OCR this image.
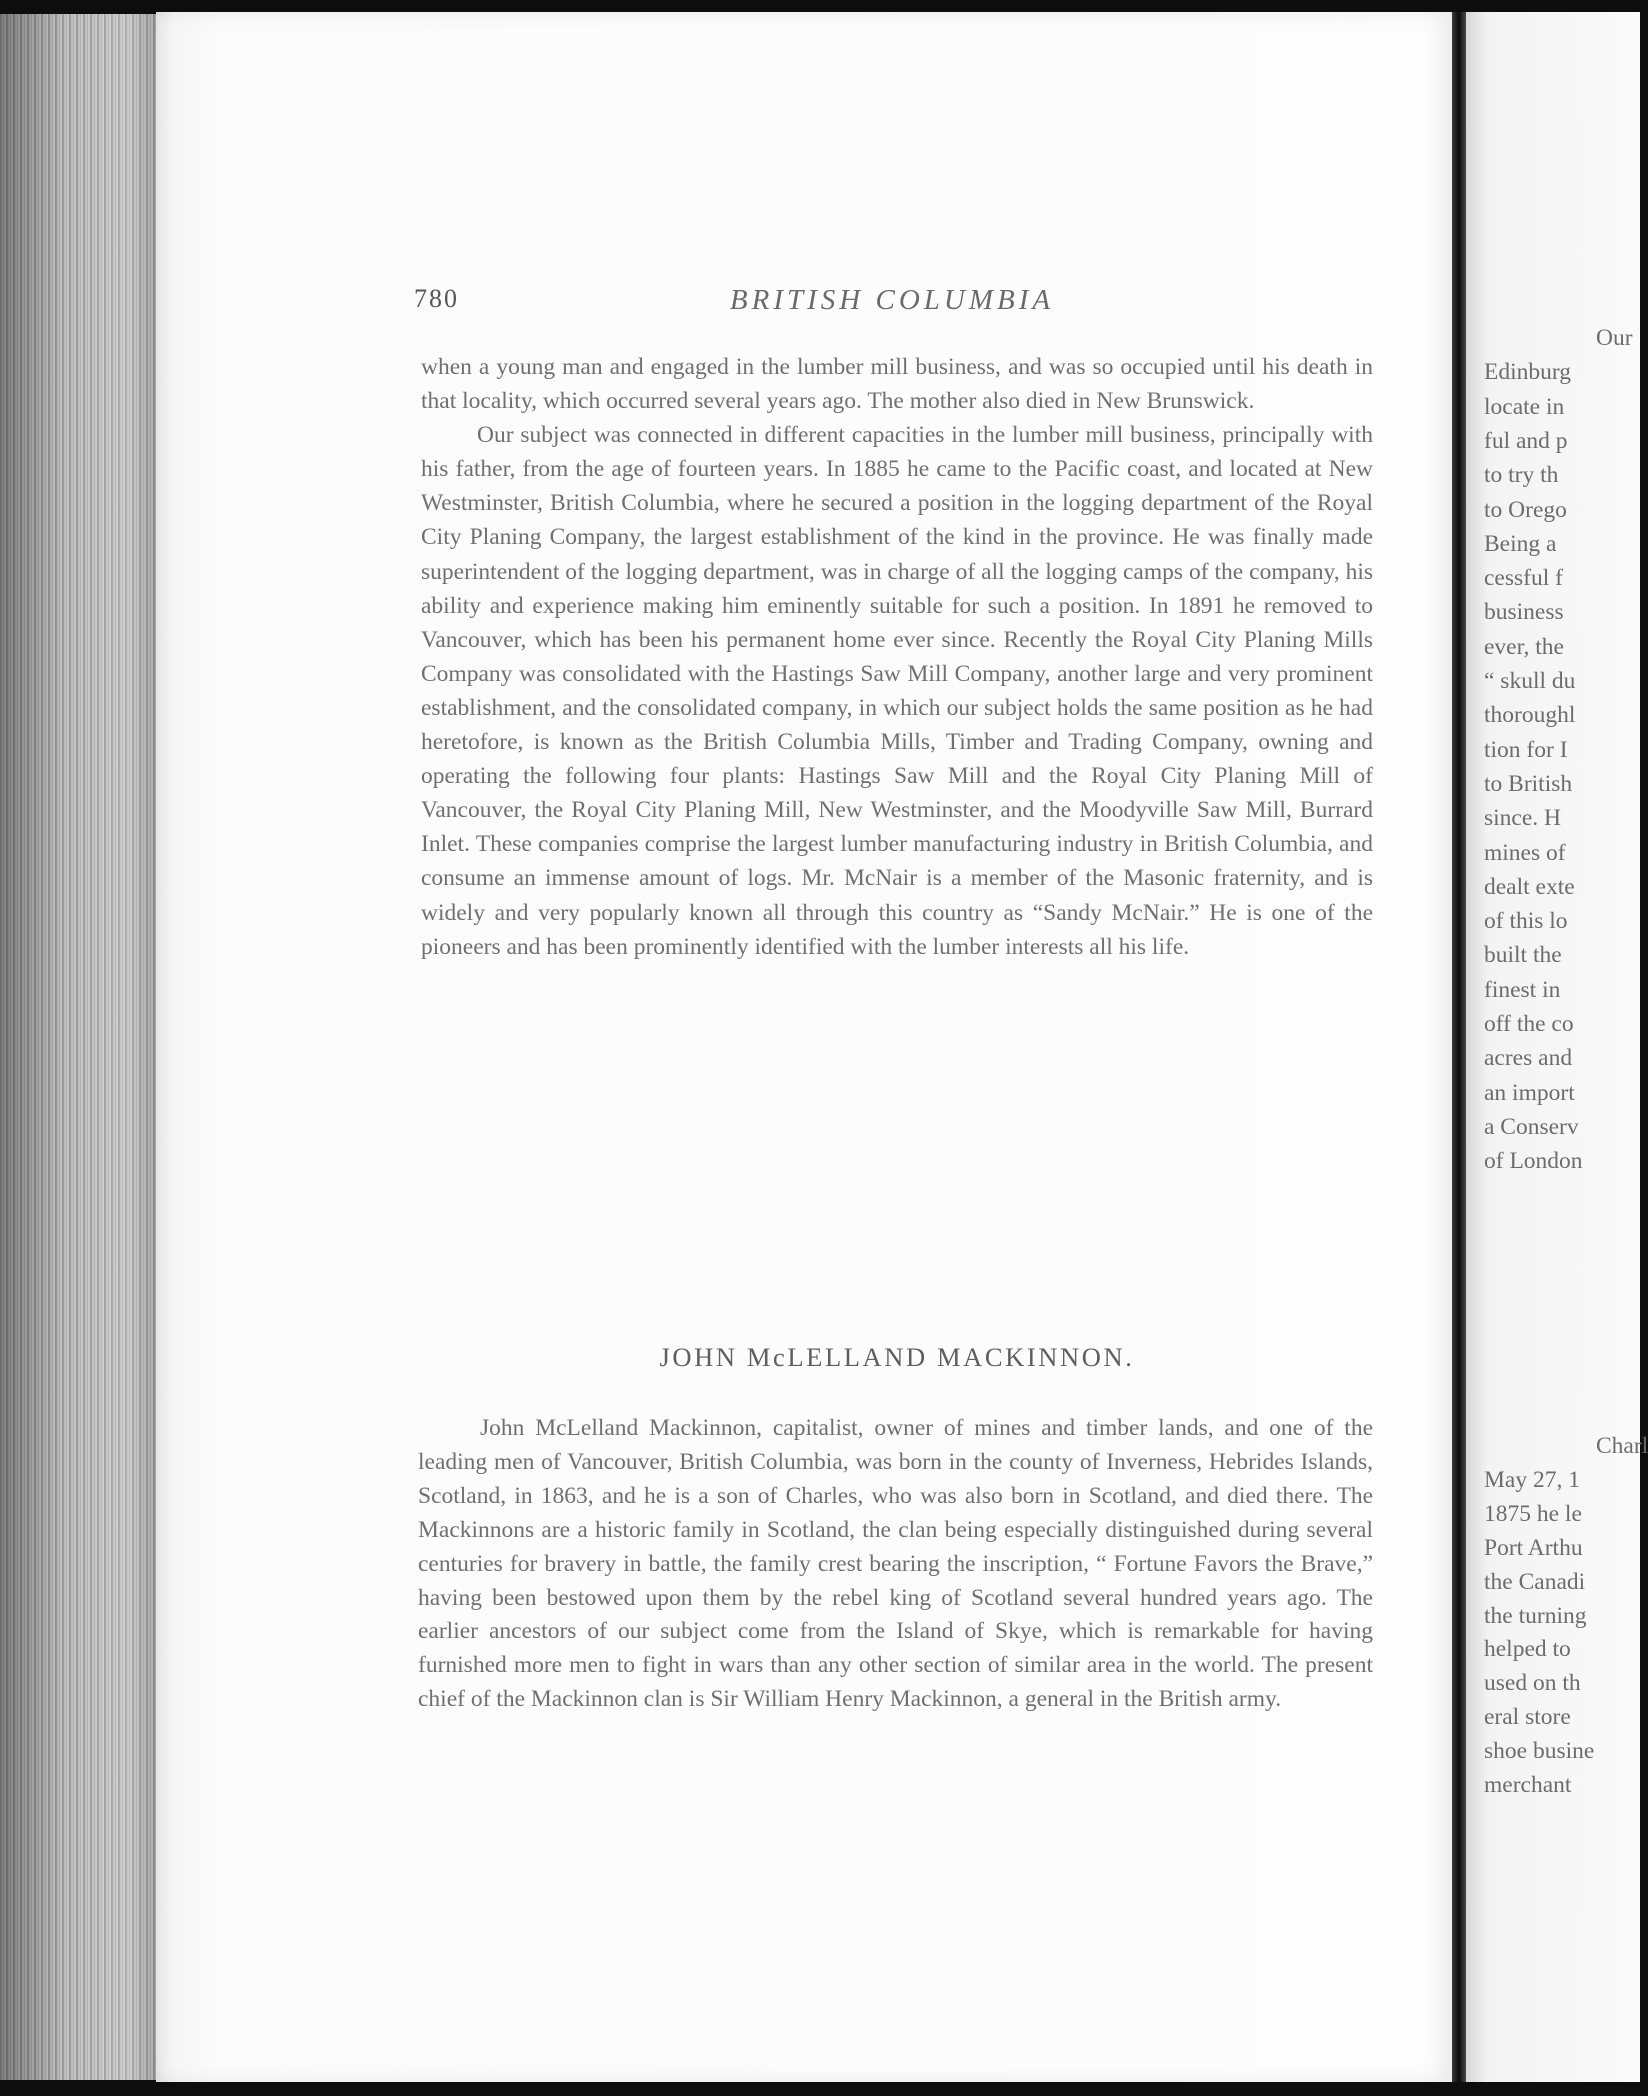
780	BRITISH COLUMBIA

when a young man and engaged in the lumber mill business, and was so occupied until his death in that locality, which occurred several years ago. The mother also died in New Brunswick.

Our subject was connected in different capacities in the lumber mill business, principally with his father, from the age of fourteen years. In 1885 he came to the Pacific coast, and located at New Westminster, British Columbia, where he secured a position in the logging department of the Royal City Planing Company, the largest establishment of the kind in the province. He was finally made superintendent of the logging department, was in charge of all the logging camps of the company, his ability and experience making him eminently suitable for such a position. In 1891 he removed to Vancouver, which has been his permanent home ever since. Recently the Royal City Planing Mills Company was consolidated with the Hastings Saw Mill Company, another large and very prominent establishment, and the consolidated company, in which our subject holds the same position as he had heretofore, is known as the British Columbia Mills, Timber and Trading Company, owning and operating the following four plants: Hastings Saw Mill and the Royal City Planing Mill of Vancouver, the Royal City Planing Mill, New Westminster, and the Moodyville Saw Mill, Burrard Inlet. These companies comprise the largest lumber manufacturing industry in British Columbia, and consume an immense amount of logs. Mr. McNair is a member of the Masonic fraternity, and is widely and very popularly known all through this country as “Sandy McNair.” He is one of the pioneers and has been prominently identified with the lumber interests all his life.

JOHN McLELLAND MACKINNON.

John McLelland Mackinnon, capitalist, owner of mines and timber lands, and one of the leading men of Vancouver, British Columbia, was born in the county of Inverness, Hebrides Islands, Scotland, in 1863, and he is a son of Charles, who was also born in Scotland, and died there. The Mackinnons are a historic family in Scotland, the clan being especially distinguished during several centuries for bravery in battle, the family crest bearing the inscription, “ Fortune Favors the Brave,” having been bestowed upon them by the rebel king of Scotland several hundred years ago. The earlier ancestors of our subject come from the Island of Skye, which is remarkable for having furnished more men to fight in wars than any other section of similar area in the world. The present chief of the Mackinnon clan is Sir William Henry Mackinnon, a general in the British army.

Our
Edinburg
locate in
ful and p
to try th
to Orego
Being a
cessful f
business
ever, the
“ skull du
thoroughl
tion for I
to British
since. H
mines of
dealt exte
of this lo
built the
finest in
off the co
acres and
an import
a Conserv
of London
Charl
May 27, 1
1875 he le
Port Arthu
the Canadi
the turning
helped to
used on th
eral store
shoe busine
merchant
